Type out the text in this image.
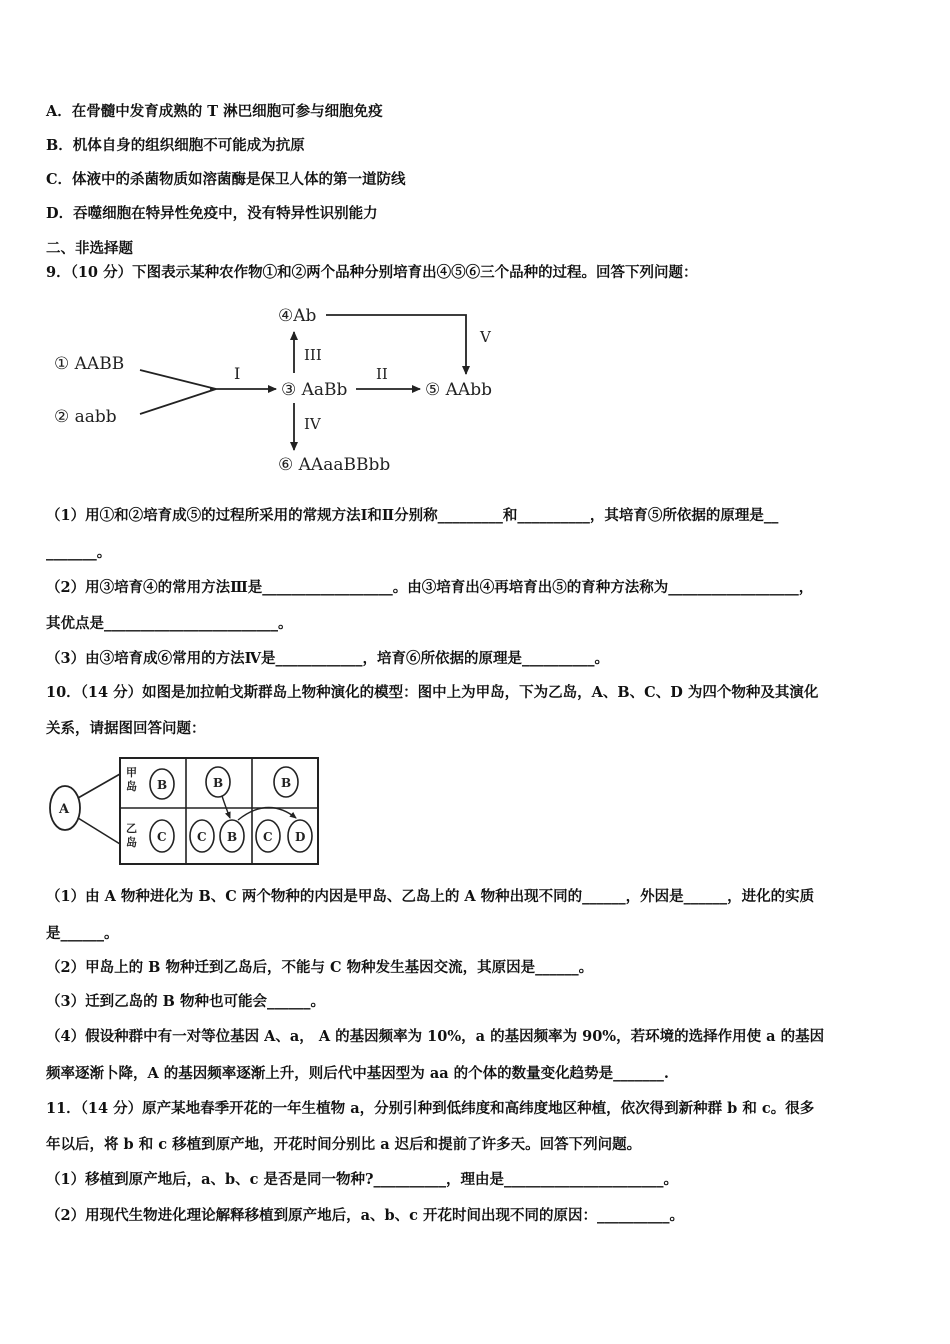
A．在骨髓中发育成熟的 T 淋巴细胞可参与细胞免疫
B．机体自身的组织细胞不可能成为抗原
C．体液中的杀菌物质如溶菌酶是保卫人体的第一道防线
D．吞噬细胞在特异性免疫中，没有特异性识别能力
二、非选择题
9．（10 分）下图表示某种农作物①和②两个品种分别培育出④⑤⑥三个品种的过程。回答下列问题：
① AABB
② aabb
I
③ AaBb
II
⑤ AAbb
III
④Ab
V
IV
⑥ AAaaBBbb
（1）用①和②培育成⑤的过程所采用的常规方法Ⅰ和Ⅱ分别称_________和__________，其培育⑤所依据的原理是__
_______。
（2）用③培育④的常用方法Ⅲ是__________________。由③培育出④再培育出⑤的育种方法称为__________________，
其优点是________________________。
（3）由③培育成⑥常用的方法Ⅳ是____________，培育⑥所依据的原理是__________。
10．（14 分）如图是加拉帕戈斯群岛上物种演化的模型：图中上为甲岛，下为乙岛，A、B、C、D 为四个物种及其演化
关系，请据图回答问题：
A
甲
岛
乙
岛
B	B	B
C	C B C D
（1）由 A 物种进化为 B、C 两个物种的内因是甲岛、乙岛上的 A 物种出现不同的______，外因是______，进化的实质
是______。
（2）甲岛上的 B 物种迁到乙岛后，不能与 C 物种发生基因交流，其原因是______。
（3）迁到乙岛的 B 物种也可能会______。
（4）假设种群中有一对等位基因 A、a， A 的基因频率为 10%，a 的基因频率为 90%，若环境的选择作用使 a 的基因
频率逐渐卜降，A 的基因频率逐渐上升，则后代中基因型为 aa 的个体的数量变化趋势是_______.
11．（14 分）原产某地春季开花的一年生植物 a，分别引种到低纬度和高纬度地区种植，依次得到新种群 b 和 c。很多
年以后，将 b 和 c 移植到原产地，开花时间分别比 a 迟后和提前了许多天。回答下列问题。
（1）移植到原产地后，a、b、c 是否是同一物种?__________，理由是______________________。
（2）用现代生物进化理论解释移植到原产地后，a、b、c 开花时间出现不同的原因：__________。
